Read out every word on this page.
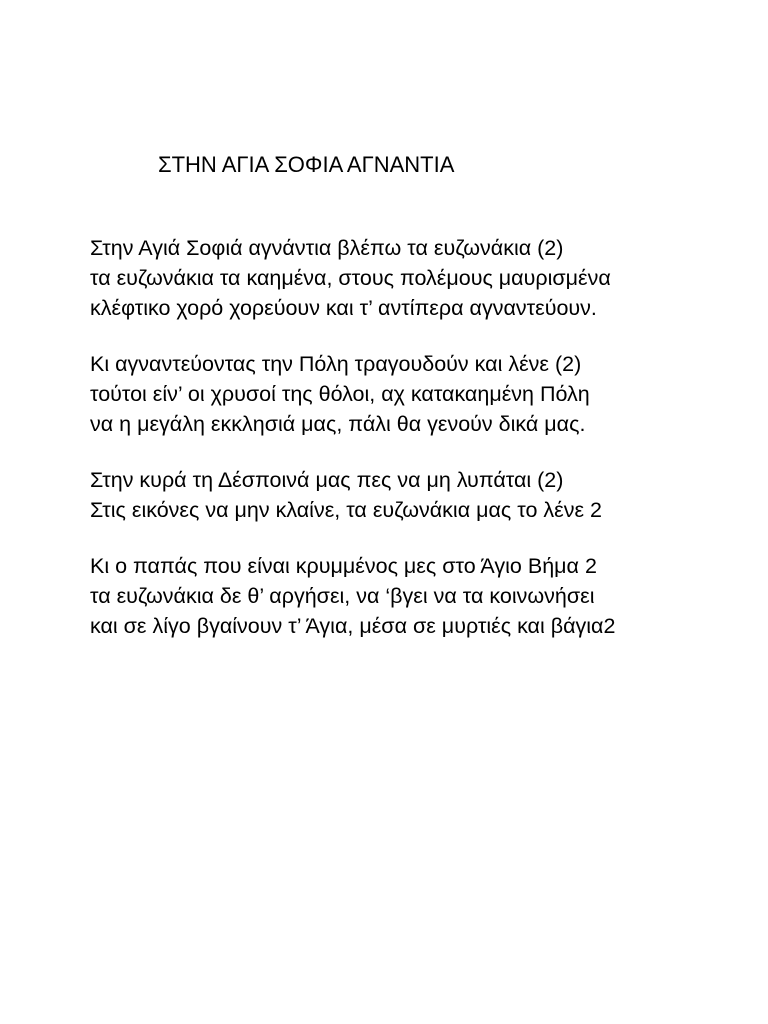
ΣΤΗΝ ΑΓΙΑ ΣΟΦΙΑ ΑΓΝΑΝΤΙΑ
Στην Αγιά Σοφιά αγνάντια βλέπω τα ευζωνάκια (2)
τα ευζωνάκια τα καημένα, στους πολέμους μαυρισμένα
κλέφτικο χορό χορεύουν και τ’ αντίπερα αγναντεύουν.
Κι αγναντεύοντας την Πόλη τραγουδούν και λένε (2)
τούτοι είν’ οι χρυσοί της θόλοι, αχ κατακαημένη Πόλη
να η μεγάλη εκκλησιά μας, πάλι θα γενούν δικά μας.
Στην κυρά τη Δέσποινά μας πες να μη λυπάται (2)
Στις εικόνες να μην κλαίνε, τα ευζωνάκια μας το λένε 2
Κι ο παπάς που είναι κρυμμένος μες στο Άγιο Βήμα 2
τα ευζωνάκια δε θ’ αργήσει, να ‘βγει να τα κοινωνήσει
και σε λίγο βγαίνουν τ’ Άγια, μέσα σε μυρτιές και βάγια2
